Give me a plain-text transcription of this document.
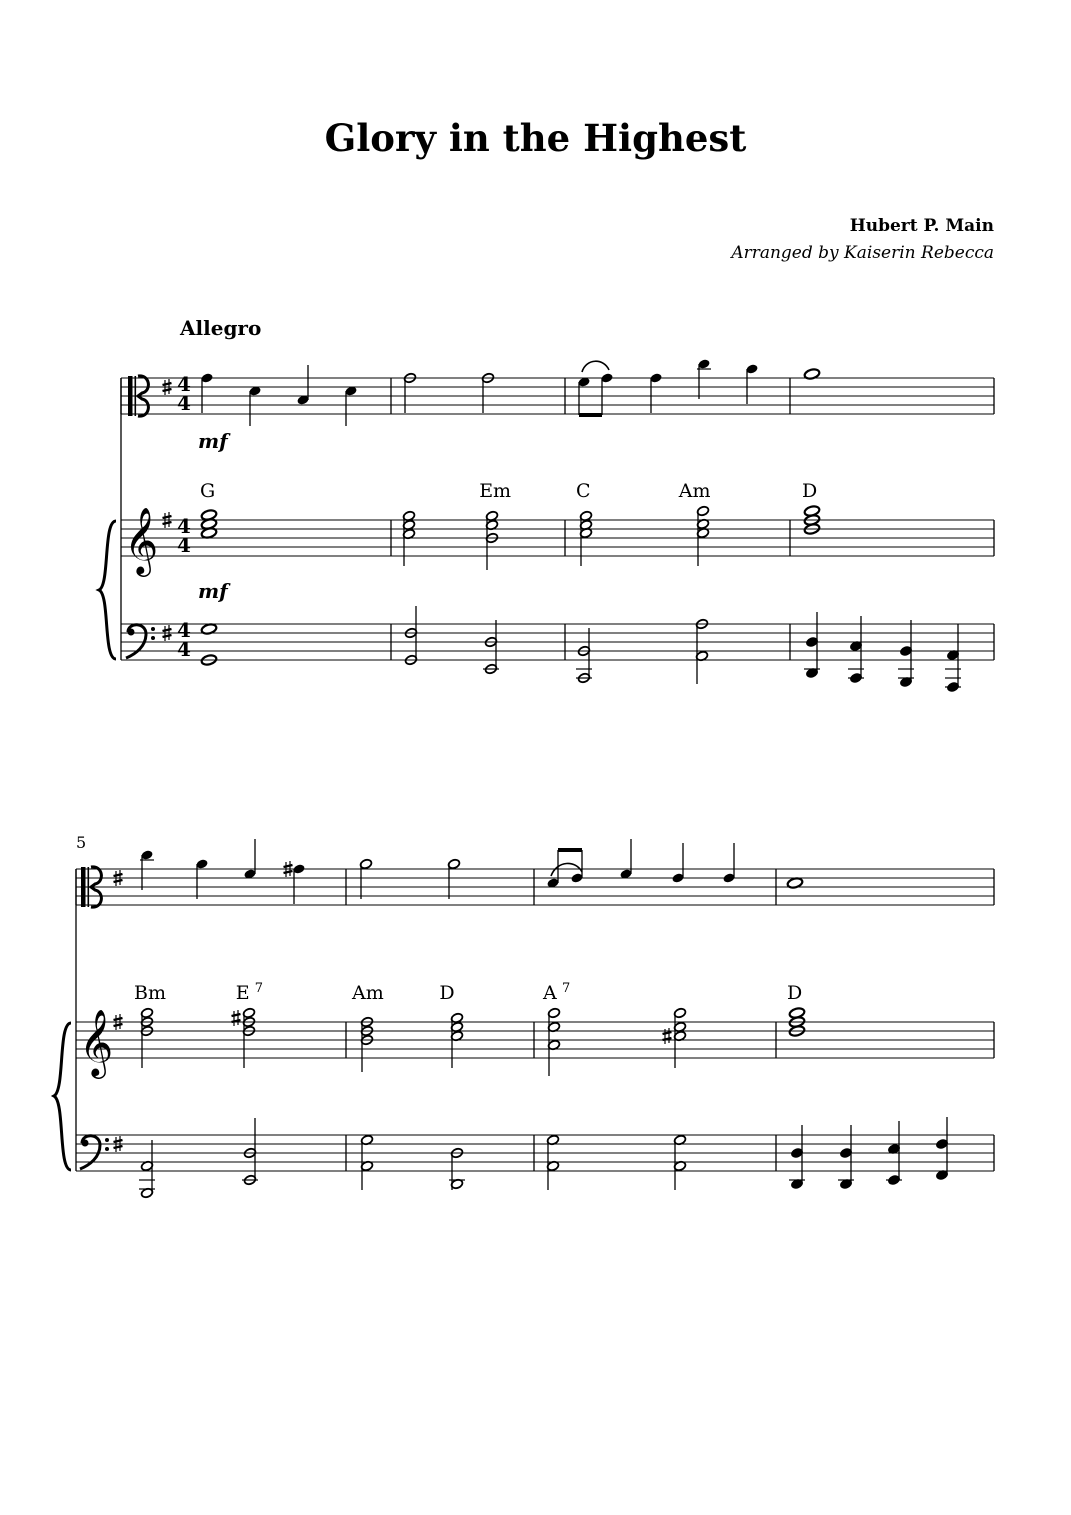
Glory in the Highest
Hubert P. Main
Arranged by Kaiserin Rebecca
Allegro
4
4
mf
G	Em	C	Am	D
𝄞 4
4
mf
4
4
5
Bm	E 7	Am	D	A 7	D
𝄞
